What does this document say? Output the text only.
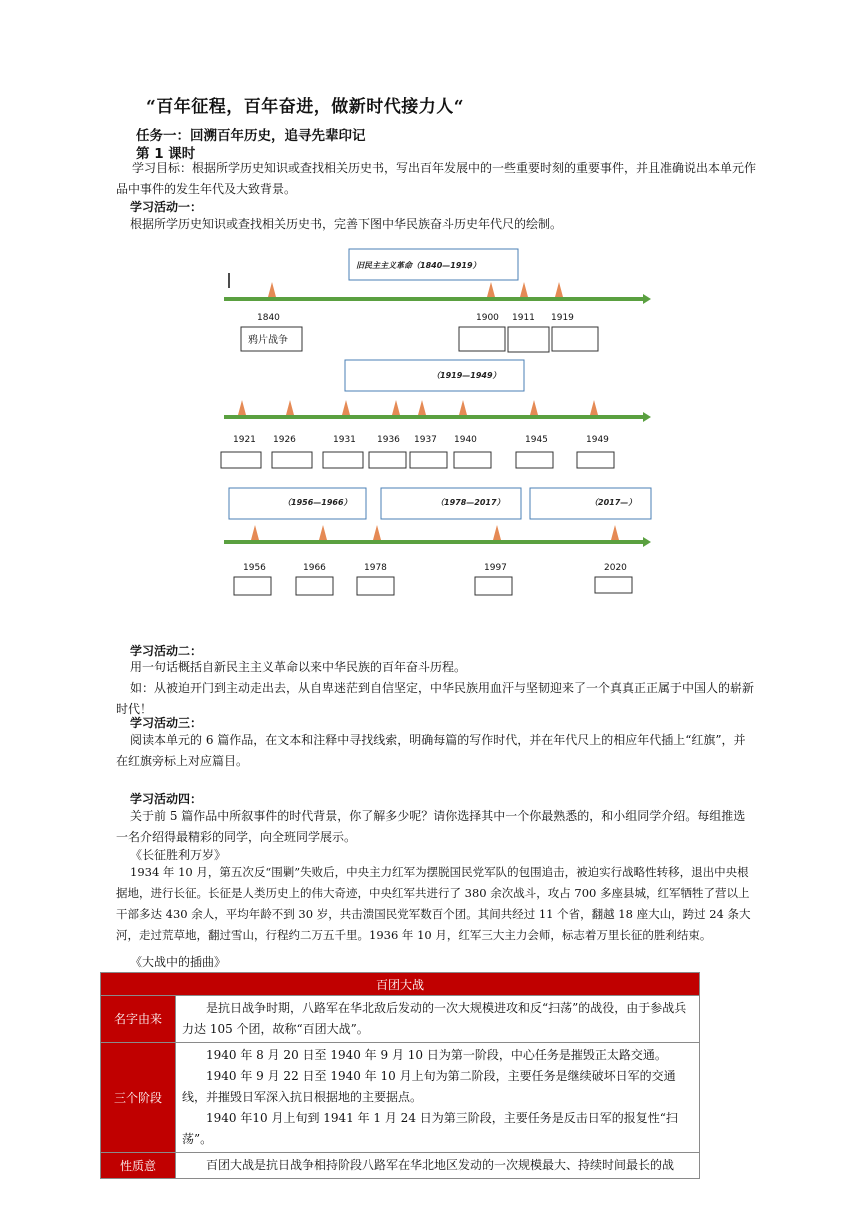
“百年征程，百年奋进，做新时代接力人“
任务一：回溯百年历史，追寻先辈印记
第 1 课时
学习目标：根据所学历史知识或查找相关历史书，写出百年发展中的一些重要时刻的重要事件，并且准确说出本单元作品中事件的发生年代及大致背景。
学习活动一：
根据所学历史知识或查找相关历史书，完善下图中华民族奋斗历史年代尺的绘制。
旧民主主义革命（1840—1919）
1840	1900 1911 1919
鸦片战争
（1919—1949）
1921 1926	1931 1936 1937 1940	1945	1949
（1956—1966）	（1978—2017）	（2017—）
1956	1966	1978	1997	2020
学习活动二：
用一句话概括自新民主主义革命以来中华民族的百年奋斗历程。
如：从被迫开门到主动走出去，从自卑迷茫到自信坚定，中华民族用血汗与坚韧迎来了一个真真正正属于中国人的崭新时代！
学习活动三：
阅读本单元的 6 篇作品，在文本和注释中寻找线索，明确每篇的写作时代，并在年代尺上的相应年代插上“红旗”，并在红旗旁标上对应篇目。
学习活动四：
关于前 5 篇作品中所叙事件的时代背景，你了解多少呢？请你选择其中一个你最熟悉的，和小组同学介绍。每组推选一名介绍得最精彩的同学，向全班同学展示。
《长征胜利万岁》
1934 年 10 月，第五次反“围剿”失败后，中央主力红军为摆脱国民党军队的包围追击，被迫实行战略性转移，退出中央根据地，进行长征。长征是人类历史上的伟大奇迹，中央红军共进行了 380 余次战斗，攻占 700 多座县城，红军牺牲了营以上干部多达 430 余人，平均年龄不到 30 岁，共击溃国民党军数百个团。其间共经过 11 个省，翻越 18 座大山，跨过 24 条大河，走过荒草地，翻过雪山，行程约二万五千里。1936 年 10 月，红军三大主力会师，标志着万里长征的胜利结束。
《大战中的插曲》
百团大战	
名字由来	是抗日战争时期，八路军在华北敌后发动的一次大规模进攻和反“扫荡”的战役，由于参战兵力达 105 个团，故称“百团大战”。

三个阶段	1940 年 8 月 20 日至 1940 年 9 月 10 日为第一阶段，中心任务是摧毁正太路交通。

1940 年 9 月 22 日至 1940 年 10 月上旬为第二阶段，主要任务是继续破坏日军的交通线，并摧毁日军深入抗日根据地的主要据点。

1940 年10 月上旬到 1941 年 1 月 24 日为第三阶段，主要任务是反击日军的报复性“扫荡”。

性质意	百团大战是抗日战争相持阶段八路军在华北地区发动的一次规模最大、持续时间最长的战
